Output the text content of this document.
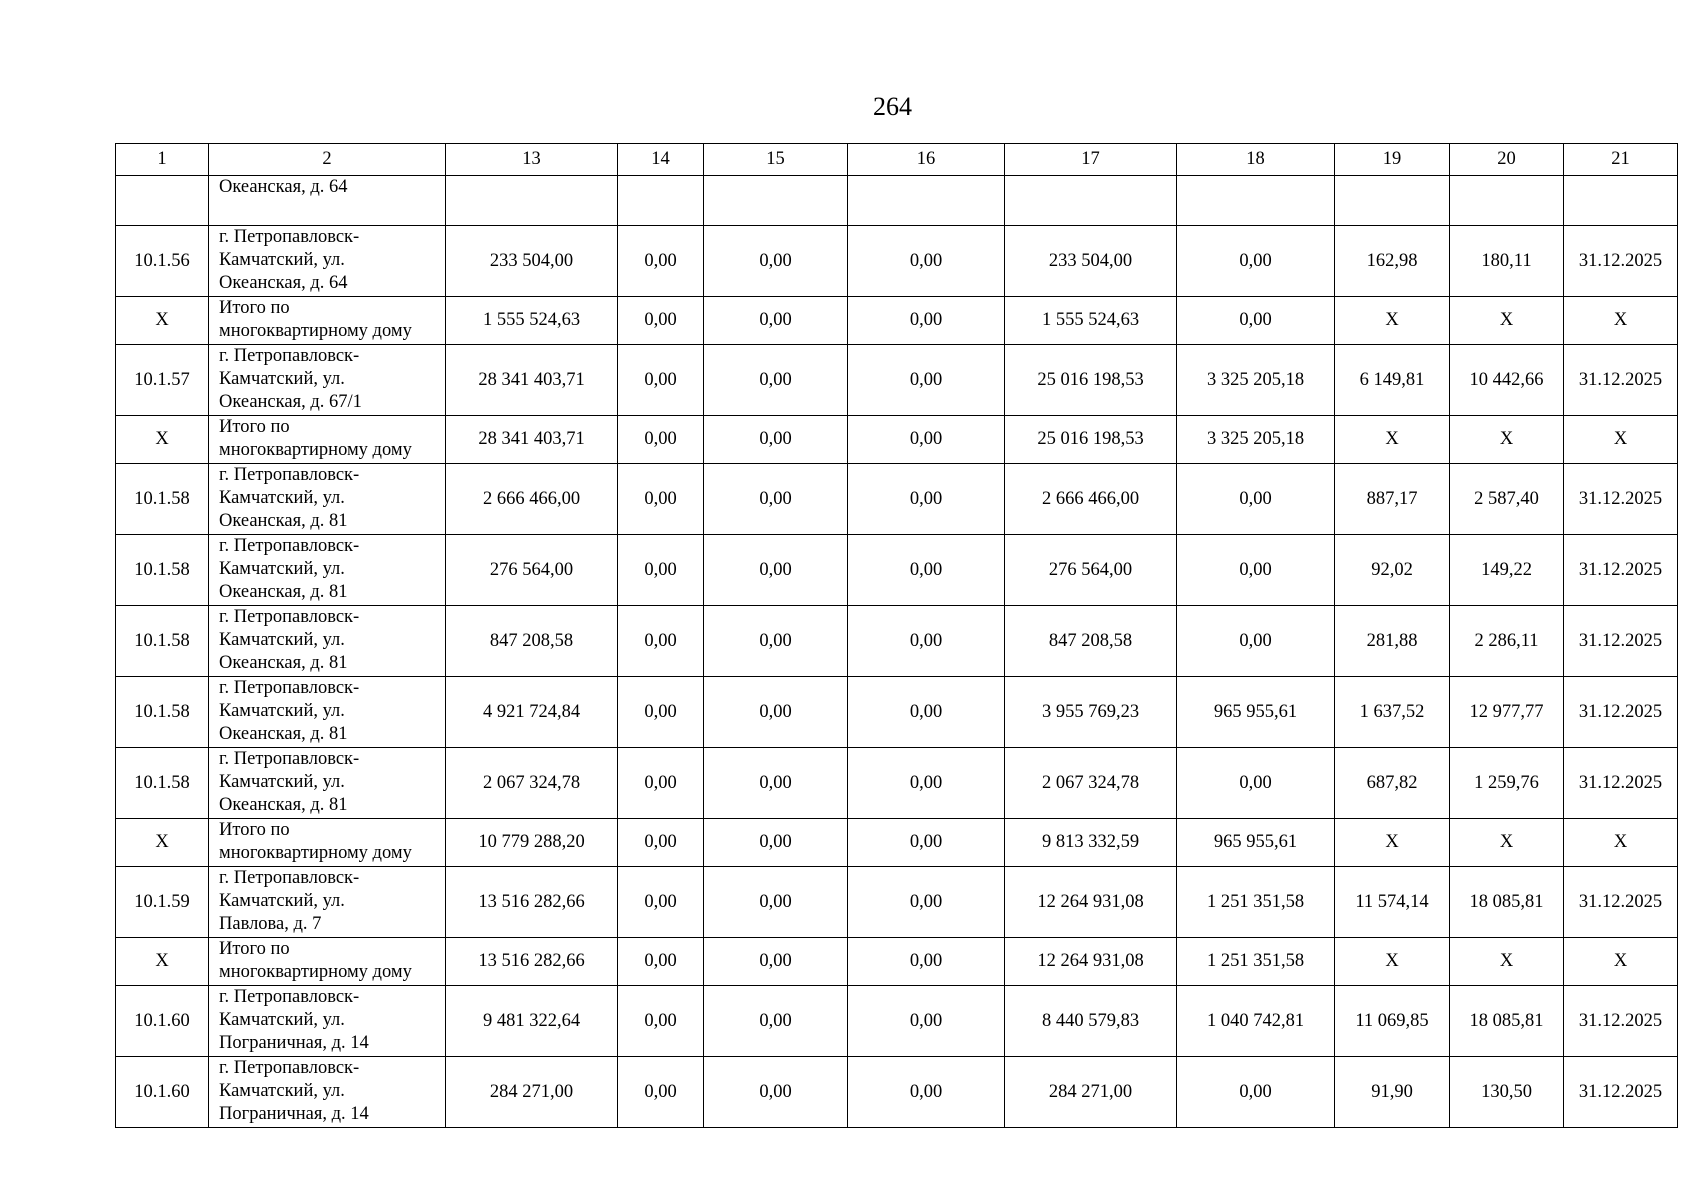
264
1	2	13	14	15	16	17	18	19	20	21

	Океанская, д. 64									

10.1.56	г. Петропавловск-
Камчатский, ул.
Океанская, д. 64	233 504,00	0,00	0,00	0,00	233 504,00	0,00	162,98	180,11	31.12.2025
Х	Итого по
многоквартирному дому	1 555 524,63	0,00	0,00	0,00	1 555 524,63	0,00	Х	Х	Х
10.1.57	г. Петропавловск-
Камчатский, ул.
Океанская, д. 67/1	28 341 403,71	0,00	0,00	0,00	25 016 198,53	3 325 205,18	6 149,81	10 442,66	31.12.2025
Х	Итого по
многоквартирному дому	28 341 403,71	0,00	0,00	0,00	25 016 198,53	3 325 205,18	Х	Х	Х
10.1.58	г. Петропавловск-
Камчатский, ул.
Океанская, д. 81	2 666 466,00	0,00	0,00	0,00	2 666 466,00	0,00	887,17	2 587,40	31.12.2025
10.1.58	г. Петропавловск-
Камчатский, ул.
Океанская, д. 81	276 564,00	0,00	0,00	0,00	276 564,00	0,00	92,02	149,22	31.12.2025
10.1.58	г. Петропавловск-
Камчатский, ул.
Океанская, д. 81	847 208,58	0,00	0,00	0,00	847 208,58	0,00	281,88	2 286,11	31.12.2025
10.1.58	г. Петропавловск-
Камчатский, ул.
Океанская, д. 81	4 921 724,84	0,00	0,00	0,00	3 955 769,23	965 955,61	1 637,52	12 977,77	31.12.2025
10.1.58	г. Петропавловск-
Камчатский, ул.
Океанская, д. 81	2 067 324,78	0,00	0,00	0,00	2 067 324,78	0,00	687,82	1 259,76	31.12.2025
Х	Итого по
многоквартирному дому	10 779 288,20	0,00	0,00	0,00	9 813 332,59	965 955,61	Х	Х	Х
10.1.59	г. Петропавловск-
Камчатский, ул.
Павлова, д. 7	13 516 282,66	0,00	0,00	0,00	12 264 931,08	1 251 351,58	11 574,14	18 085,81	31.12.2025
Х	Итого по
многоквартирному дому	13 516 282,66	0,00	0,00	0,00	12 264 931,08	1 251 351,58	Х	Х	Х
10.1.60	г. Петропавловск-
Камчатский, ул.
Пограничная, д. 14	9 481 322,64	0,00	0,00	0,00	8 440 579,83	1 040 742,81	11 069,85	18 085,81	31.12.2025
10.1.60	г. Петропавловск-
Камчатский, ул.
Пограничная, д. 14	284 271,00	0,00	0,00	0,00	284 271,00	0,00	91,90	130,50	31.12.2025
